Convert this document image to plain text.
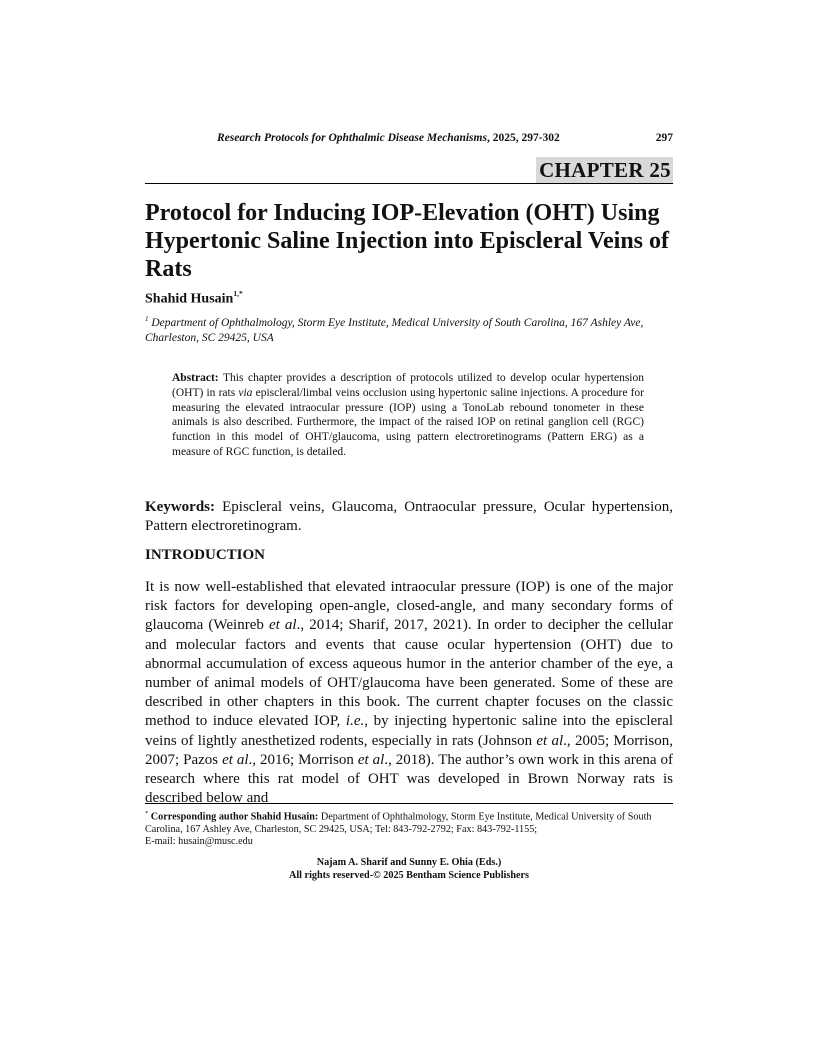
Research Protocols for Ophthalmic Disease Mechanisms, 2025, 297-302	297
CHAPTER 25
Protocol for Inducing IOP-Elevation (OHT) Using Hypertonic Saline Injection into Episcleral Veins of Rats
Shahid Husain$^{1,*}$
$^1$ Department of Ophthalmology, Storm Eye Institute, Medical University of South Carolina, 167 Ashley Ave, Charleston, SC 29425, USA
Abstract: This chapter provides a description of protocols utilized to develop ocular hypertension (OHT) in rats via episcleral/limbal veins occlusion using hypertonic saline injections. A procedure for measuring the elevated intraocular pressure (IOP) using a TonoLab rebound tonometer in these animals is also described. Furthermore, the impact of the raised IOP on retinal ganglion cell (RGC) function in this model of OHT/glaucoma, using pattern electroretinograms (Pattern ERG) as a measure of RGC function, is detailed.
Keywords: Episcleral veins, Glaucoma, Ontraocular pressure, Ocular hypertension, Pattern electroretinogram.
INTRODUCTION

It is now well-established that elevated intraocular pressure (IOP) is one of the major risk factors for developing open-angle, closed-angle, and many secondary forms of glaucoma (Weinreb et al., 2014; Sharif, 2017, 2021). In order to decipher the cellular and molecular factors and events that cause ocular hypertension (OHT) due to abnormal accumulation of excess aqueous humor in the anterior chamber of the eye, a number of animal models of OHT/glaucoma have been generated. Some of these are described in other chapters in this book. The current chapter focuses on the classic method to induce elevated IOP, i.e., by injecting hypertonic saline into the episcleral veins of lightly anesthetized rodents, especially in rats (Johnson et al., 2005; Morrison, 2007; Pazos et al., 2016; Morrison et al., 2018). The author’s own work in this arena of research where this rat model of OHT was developed in Brown Norway rats is described below and

* Corresponding author Shahid Husain: Department of Ophthalmology, Storm Eye Institute, Medical University of South Carolina, 167 Ashley Ave, Charleston, SC 29425, USA; Tel: 843-792-2792; Fax: 843-792-1155;
E-mail: husain@musc.edu
Najam A. Sharif and Sunny E. Ohia (Eds.)
All rights reserved-© 2025 Bentham Science Publishers
